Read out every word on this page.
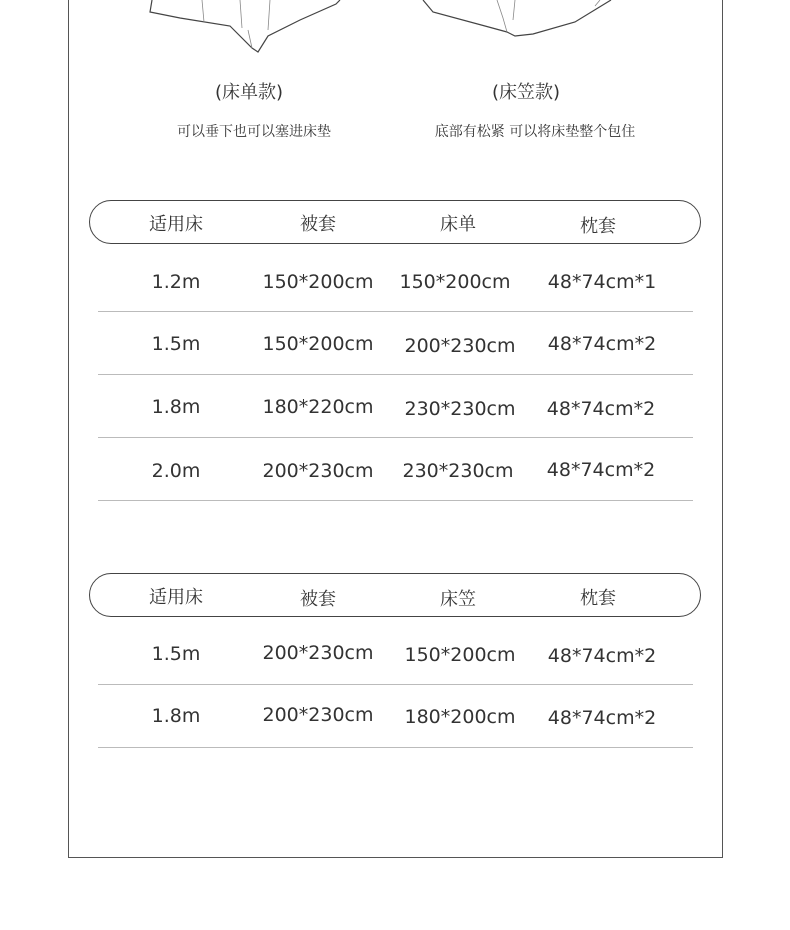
(床单款)
可以垂下也可以塞进床垫
(床笠款)
底部有松紧 可以将床垫整个包住
适用床	被套	床单	枕套
1.2m	150*200cm	150*200cm	48*74cm*1
1.5m	150*200cm	200*230cm	48*74cm*2
1.8m	180*220cm	230*230cm	48*74cm*2
2.0m	200*230cm	230*230cm	48*74cm*2
适用床	被套	床笠	枕套
1.5m	200*230cm	150*200cm	48*74cm*2
1.8m	200*230cm	180*200cm	48*74cm*2
